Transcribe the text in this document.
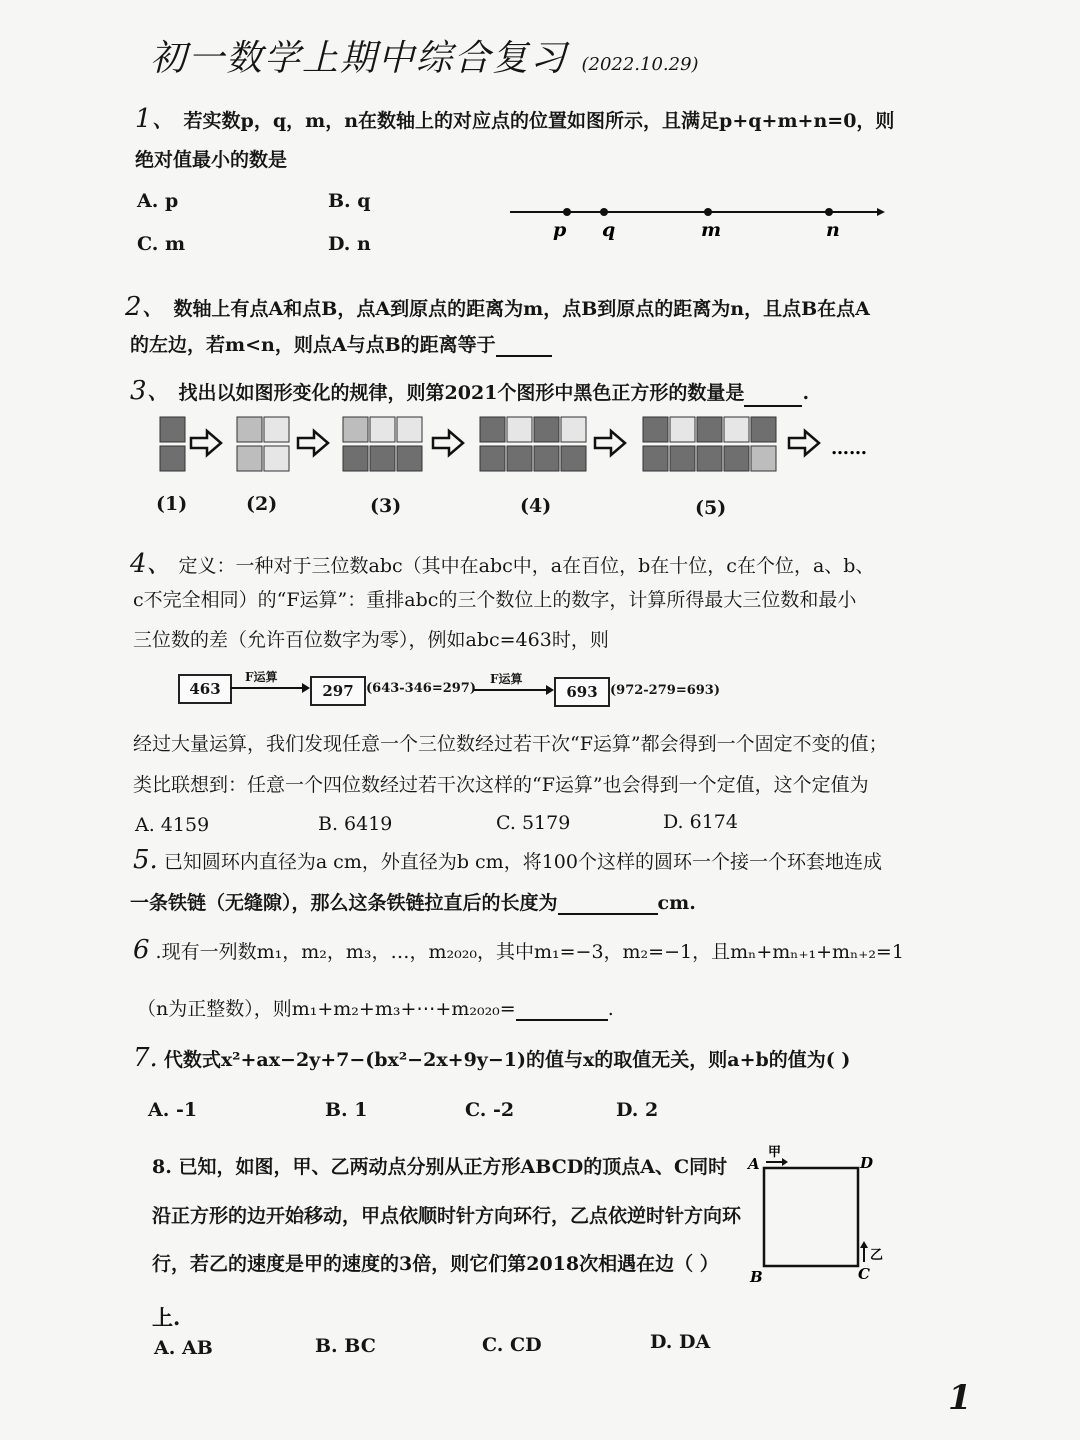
初一数学上期中综合复习 (2022.10.29)
1、 若实数p，q，m，n在数轴上的对应点的位置如图所示，且满足p+q+m+n=0，则
绝对值最小的数是
A. p	B. q
C. m	D. n
p q	m	n
2、 数轴上有点A和点B，点A到原点的距离为m，点B到原点的距离为n，且点B在点A
的左边，若m<n，则点A与点B的距离等于
3、 找出以如图形变化的规律，则第2021个图形中黑色正方形的数量是	.
……
(1)	(2)	(3)	(4)	(5)
4、 定义：一种对于三位数abc（其中在abc中，a在百位，b在十位，c在个位，a、b、
c不完全相同）的“F运算”：重排abc的三个数位上的数字，计算所得最大三位数和最小
三位数的差（允许百位数字为零），例如abc=463时，则
463
F运算
297 (643-346=297)
F运算
693 (972-279=693)
经过大量运算，我们发现任意一个三位数经过若干次“F运算”都会得到一个固定不变的值；
类比联想到：任意一个四位数经过若干次这样的“F运算”也会得到一个定值，这个定值为
A. 4159	B. 6419	C. 5179	D. 6174
5. 已知圆环内直径为a cm，外直径为b cm，将100个这样的圆环一个接一个环套地连成
一条铁链（无缝隙），那么这条铁链拉直后的长度为	cm.
6 .现有一列数m₁，m₂，m₃，…，m₂₀₂₀，其中m₁=−3，m₂=−1，且mₙ+mₙ₊₁+mₙ₊₂=1
（n为正整数），则m₁+m₂+m₃+⋯+m₂₀₂₀=	.
7. 代数式x²+ax−2y+7−(bx²−2x+9y−1)的值与x的取值无关，则a+b的值为( )
A. -1	B. 1	C. -2	D. 2
8. 已知，如图，甲、乙两动点分别从正方形ABCD的顶点A、C同时
沿正方形的边开始移动，甲点依顺时针方向环行，乙点依逆时针方向环
行，若乙的速度是甲的速度的3倍，则它们第2018次相遇在边（ ）
上.
A. AB	B. BC	C. CD	D. DA
A	D
B	C
甲
乙
1
